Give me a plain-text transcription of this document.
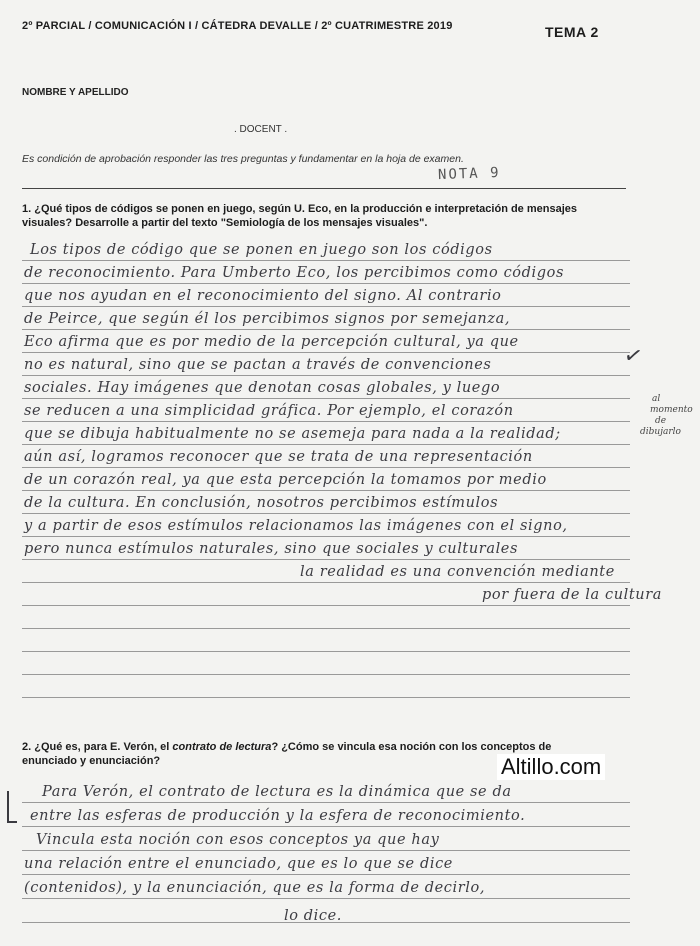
2º PARCIAL / COMUNICACIÓN I / CÁTEDRA DEVALLE / 2º CUATRIMESTRE 2019	TEMA 2
NOMBRE Y APELLIDO
. DOCENT .
Es condición de aprobación responder las tres preguntas y fundamentar en la hoja de examen.
NOTA 9
1. ¿Qué tipos de códigos se ponen en juego, según U. Eco, en la producción e interpretación de mensajes
visuales? Desarrolle a partir del texto "Semiología de los mensajes visuales".
Los tipos de código que se ponen en juego son los códigos
de reconocimiento. Para Umberto Eco, los percibimos como códigos
que nos ayudan en el reconocimiento del signo. Al contrario
de Peirce, que según él los percibimos signos por semejanza,
Eco afirma que es por medio de la percepción cultural, ya que
no es natural, sino que se pactan a través de convenciones
sociales. Hay imágenes que denotan cosas globales, y luego
se reducen a una simplicidad gráfica. Por ejemplo, el corazón
que se dibuja habitualmente no se asemeja para nada a la realidad;
aún así, logramos reconocer que se trata de una representación
de un corazón real, ya que esta percepción la tomamos por medio
de la cultura. En conclusión, nosotros percibimos estímulos
y a partir de esos estímulos relacionamos las imágenes con el signo,
pero nunca estímulos naturales, sino que sociales y culturales
la realidad es una convención mediante
por fuera de la cultura
al
momento
de
dibujarlo
✓
2. ¿Qué es, para E. Verón, el contrato de lectura? ¿Cómo se vincula esa noción con los conceptos de
enunciado y enunciación?	Altillo.com
Para Verón, el contrato de lectura es la dinámica que se da
entre las esferas de producción y la esfera de reconocimiento.
Vincula esta noción con esos conceptos ya que hay
una relación entre el enunciado, que es lo que se dice
(contenidos), y la enunciación, que es la forma de decirlo,
lo dice.
